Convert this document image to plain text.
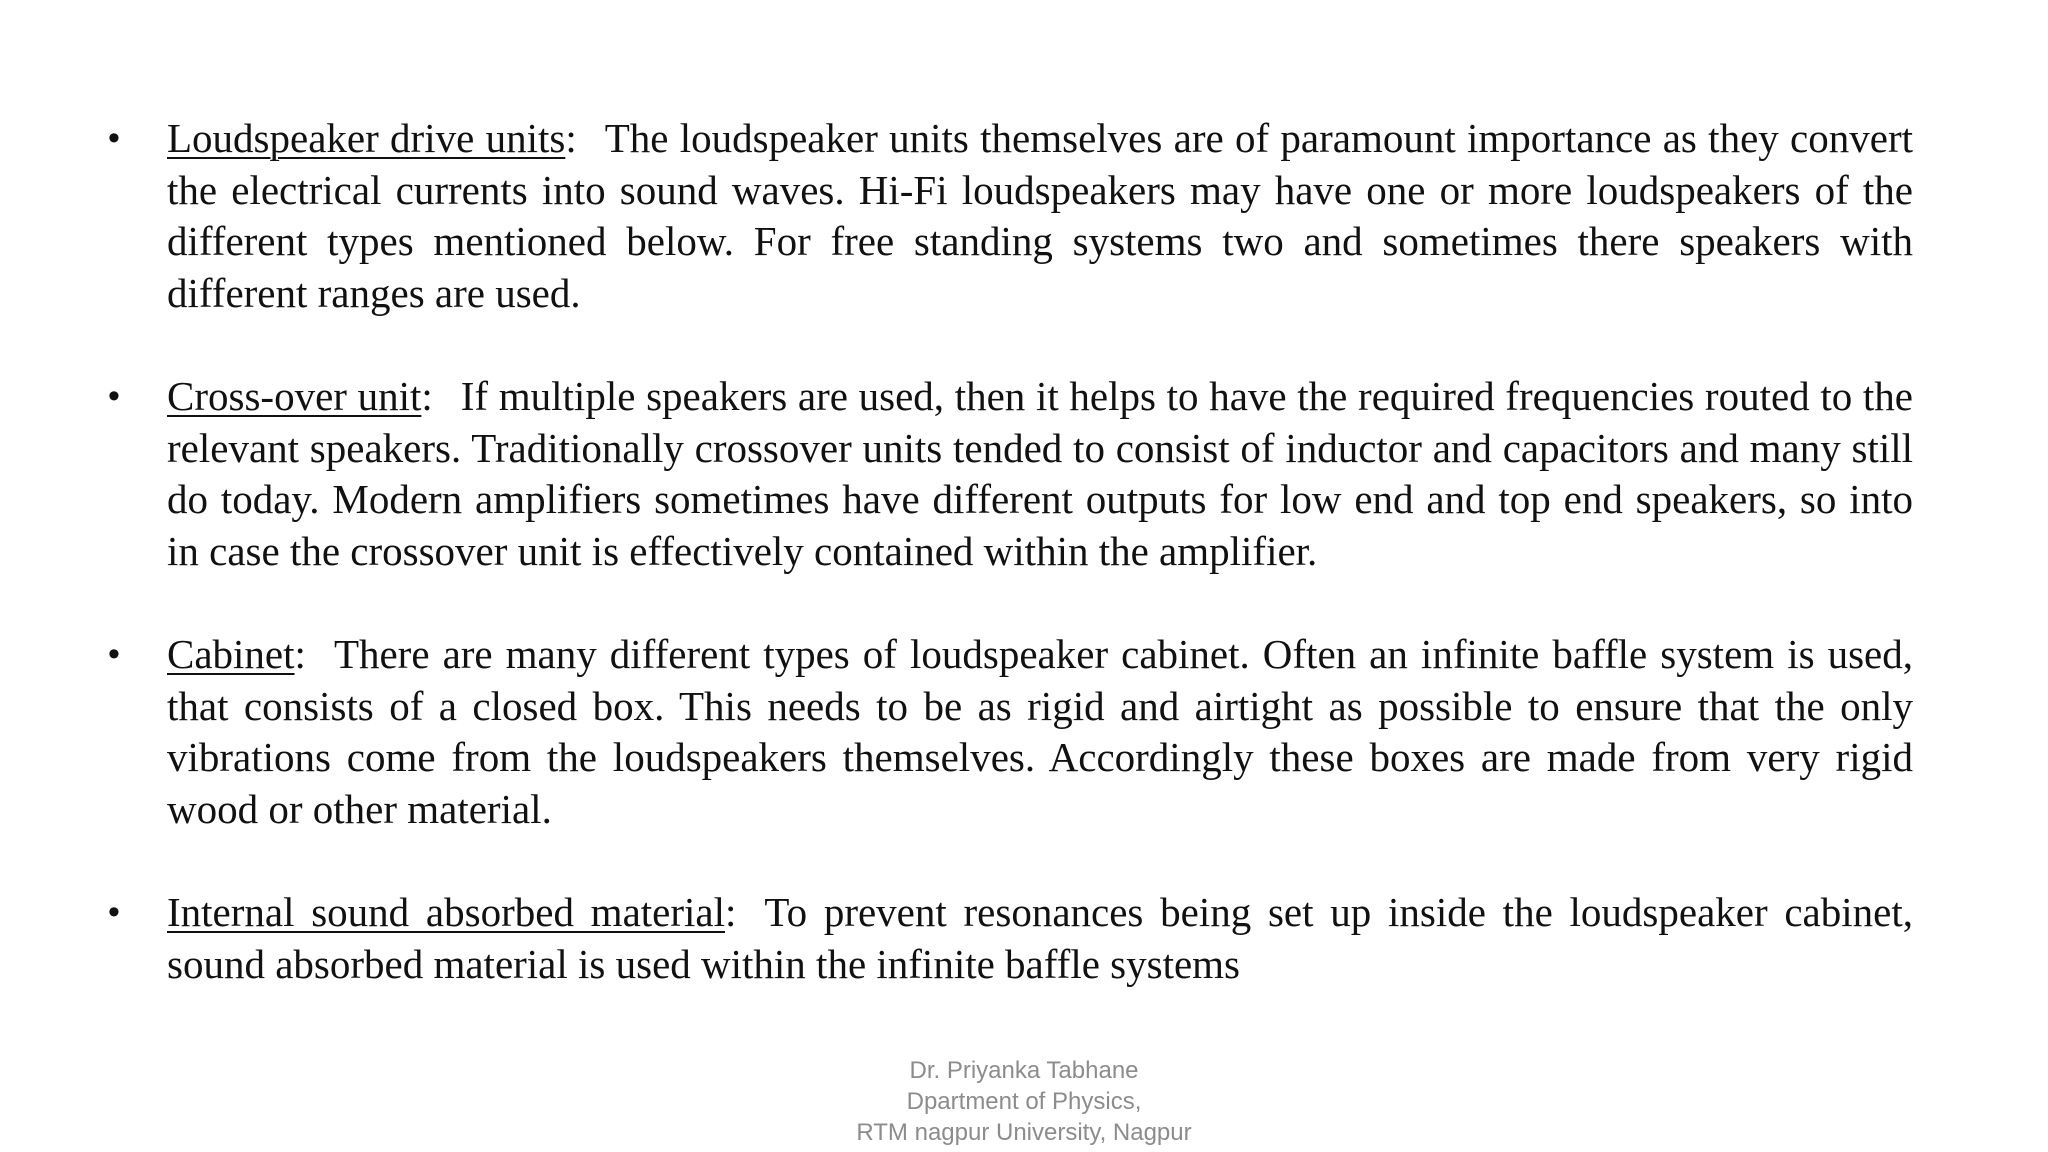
• Loudspeaker drive units: The loudspeaker units themselves are of paramount importance as they convert the electrical currents into sound waves. Hi-Fi loudspeakers may have one or more loudspeakers of the different types mentioned below. For free standing systems two and sometimes there speakers with different ranges are used.
• Cross-over unit: If multiple speakers are used, then it helps to have the required frequencies routed to the relevant speakers. Traditionally crossover units tended to consist of inductor and capacitors and many still do today. Modern amplifiers sometimes have different outputs for low end and top end speakers, so into in case the crossover unit is effectively contained within the amplifier.
• Cabinet: There are many different types of loudspeaker cabinet. Often an infinite baffle system is used, that consists of a closed box. This needs to be as rigid and airtight as possible to ensure that the only vibrations come from the loudspeakers themselves. Accordingly these boxes are made from very rigid wood or other material.
• Internal sound absorbed material: To prevent resonances being set up inside the loudspeaker cabinet, sound absorbed material is used within the infinite baffle systems
Dr. Priyanka Tabhane
Dpartment of Physics,
RTM nagpur University, Nagpur
